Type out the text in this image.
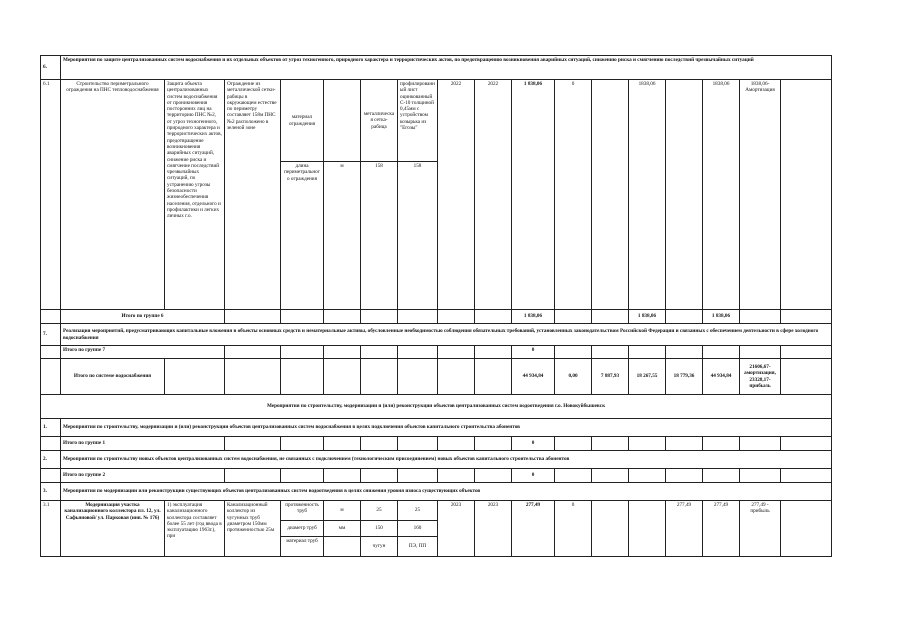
6.	Мероприятия по защите централизованных систем водоснабжения и их отдельных объектов от угроз техногенного, природного характера и террористических актов, по предотвращению возникновения аварийных ситуаций, снижению риска и смягчению последствий чрезвычайных ситуаций																
6.1	Строительство периметрального ограждения на ПНС тепловодоснабжения	Защита объекта централизованных систем водоснабжения от проникновения посторонних лиц на территорию ПНС №2, от угроз техногенного, природного характера и террористических актов, предотвращение возникновения аварийных ситуаций, снижение риска и смягчение последствий чрезвычайных ситуаций, по устранению угрозы безопасности жизнеобеспечения населения, отдельного и профилактики и легких личных г.о.	Ограждение из металлической сетки-рабицы в окружающем естестве по периметру составляет 158м ПНС №2 расположено в зеленой зоне	материал ограждения		металлическая сетка-рабица	профилированный лист оцинкованный С-10 толщиной 0,45мм с устройством козырька из "Егозы"	2022	2022	1 838,06	0		1838,06		1838,06	1838,06-Амортизация	
				длина периметрального ограждения	м	158	158										
	Итого по группе 6									1 838,06			1 838,06		1 838,06		
7.	Реализация мероприятий, предусматривающих капитальные вложения в объекты основных средств и нематериальные активы, обусловленные необходимостью соблюдения обязательных требований, установленных законодательством Российской Федерации и связанных с обеспечением деятельности в сфере холодного водоснабжения																
	Итого по группе 7									0							
	Итого по системе водоснабжения									44 934,84	0,00	7 887,93	18 267,55	18 779,36	44 934,84	21606,67-амортизация, 23328,17-прибыль	
Мероприятия по строительству, модернизации и (или) реконструкции объектов централизованных систем водоотведения г.о. Новокуйбышевск																	
1.	Мероприятия по строительству, модернизации и (или) реконструкции объектов централизованных систем водоснабжения в целях подключения объектов капитального строительства абонентов																
	Итого по группе 1									0							
2.	Мероприятия по строительству новых объектов централизованных систем водоснабжения, не связанных с подключением (технологическим присоединением) новых объектов капитального строительства абонентов																
	Итого по группе 2									0							
3.	Мероприятия по модернизации или реконструкции существующих объектов централизованных систем водоотведения в целях снижения уровня износа существующих объектов																
3.1	Модернизация участка канализационного коллектора пл. 12, ул. Сафьяновой/ ул. Парковая (инв. № 176)	1) эксплуатация канализационного коллектора составляет более 55 лет (год ввода в эксплуатацию 1963г.), при	Канализационный коллектор из чугунных труб диаметром 150мм протяженностью 25м	протяженность труб	м	25	25	2023	2023	277,49	0			277,49	277,49	277,49 - прибыль	
				диаметр труб	мм	150	160										
				материал труб		чугун	ПЭ, ПП										
